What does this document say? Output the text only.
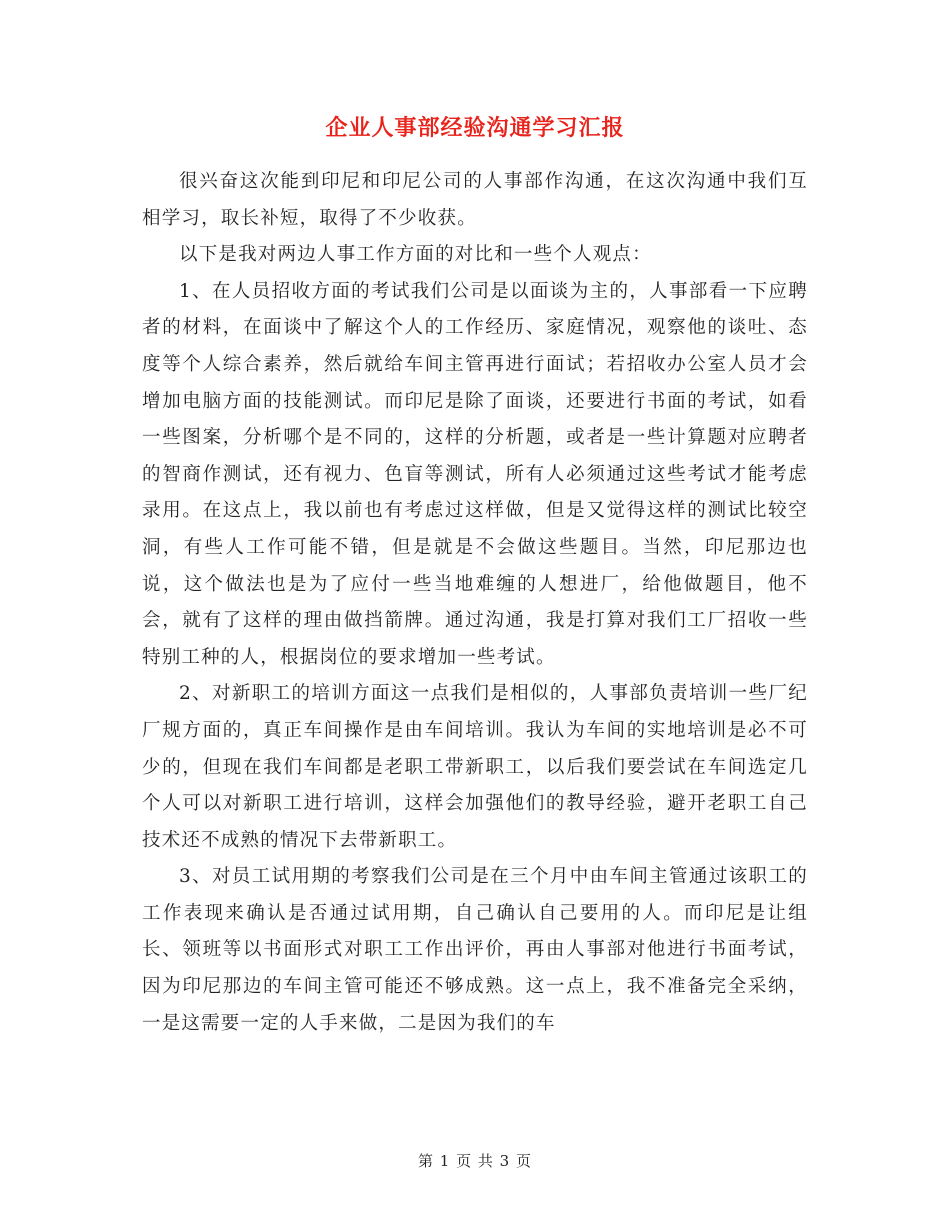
企业人事部经验沟通学习汇报

很兴奋这次能到印尼和印尼公司的人事部作沟通，在这次沟通中我们互相学习，取长补短，取得了不少收获。

以下是我对两边人事工作方面的对比和一些个人观点：

1、在人员招收方面的考试我们公司是以面谈为主的，人事部看一下应聘者的材料，在面谈中了解这个人的工作经历、家庭情况，观察他的谈吐、态度等个人综合素养，然后就给车间主管再进行面试；若招收办公室人员才会增加电脑方面的技能测试。而印尼是除了面谈，还要进行书面的考试，如看一些图案，分析哪个是不同的，这样的分析题，或者是一些计算题对应聘者的智商作测试，还有视力、色盲等测试，所有人必须通过这些考试才能考虑录用。在这点上，我以前也有考虑过这样做，但是又觉得这样的测试比较空洞，有些人工作可能不错，但是就是不会做这些题目。当然，印尼那边也说，这个做法也是为了应付一些当地难缠的人想进厂，给他做题目，他不会，就有了这样的理由做挡箭牌。通过沟通，我是打算对我们工厂招收一些特别工种的人，根据岗位的要求增加一些考试。

2、对新职工的培训方面这一点我们是相似的，人事部负责培训一些厂纪厂规方面的，真正车间操作是由车间培训。我认为车间的实地培训是必不可少的，但现在我们车间都是老职工带新职工，以后我们要尝试在车间选定几个人可以对新职工进行培训，这样会加强他们的教导经验，避开老职工自己技术还不成熟的情况下去带新职工。

3、对员工试用期的考察我们公司是在三个月中由车间主管通过该职工的工作表现来确认是否通过试用期，自己确认自己要用的人。而印尼是让组长、领班等以书面形式对职工工作出评价，再由人事部对他进行书面考试，因为印尼那边的车间主管可能还不够成熟。这一点上，我不准备完全采纳，一是这需要一定的人手来做，二是因为我们的车

第 1 页 共 3 页
